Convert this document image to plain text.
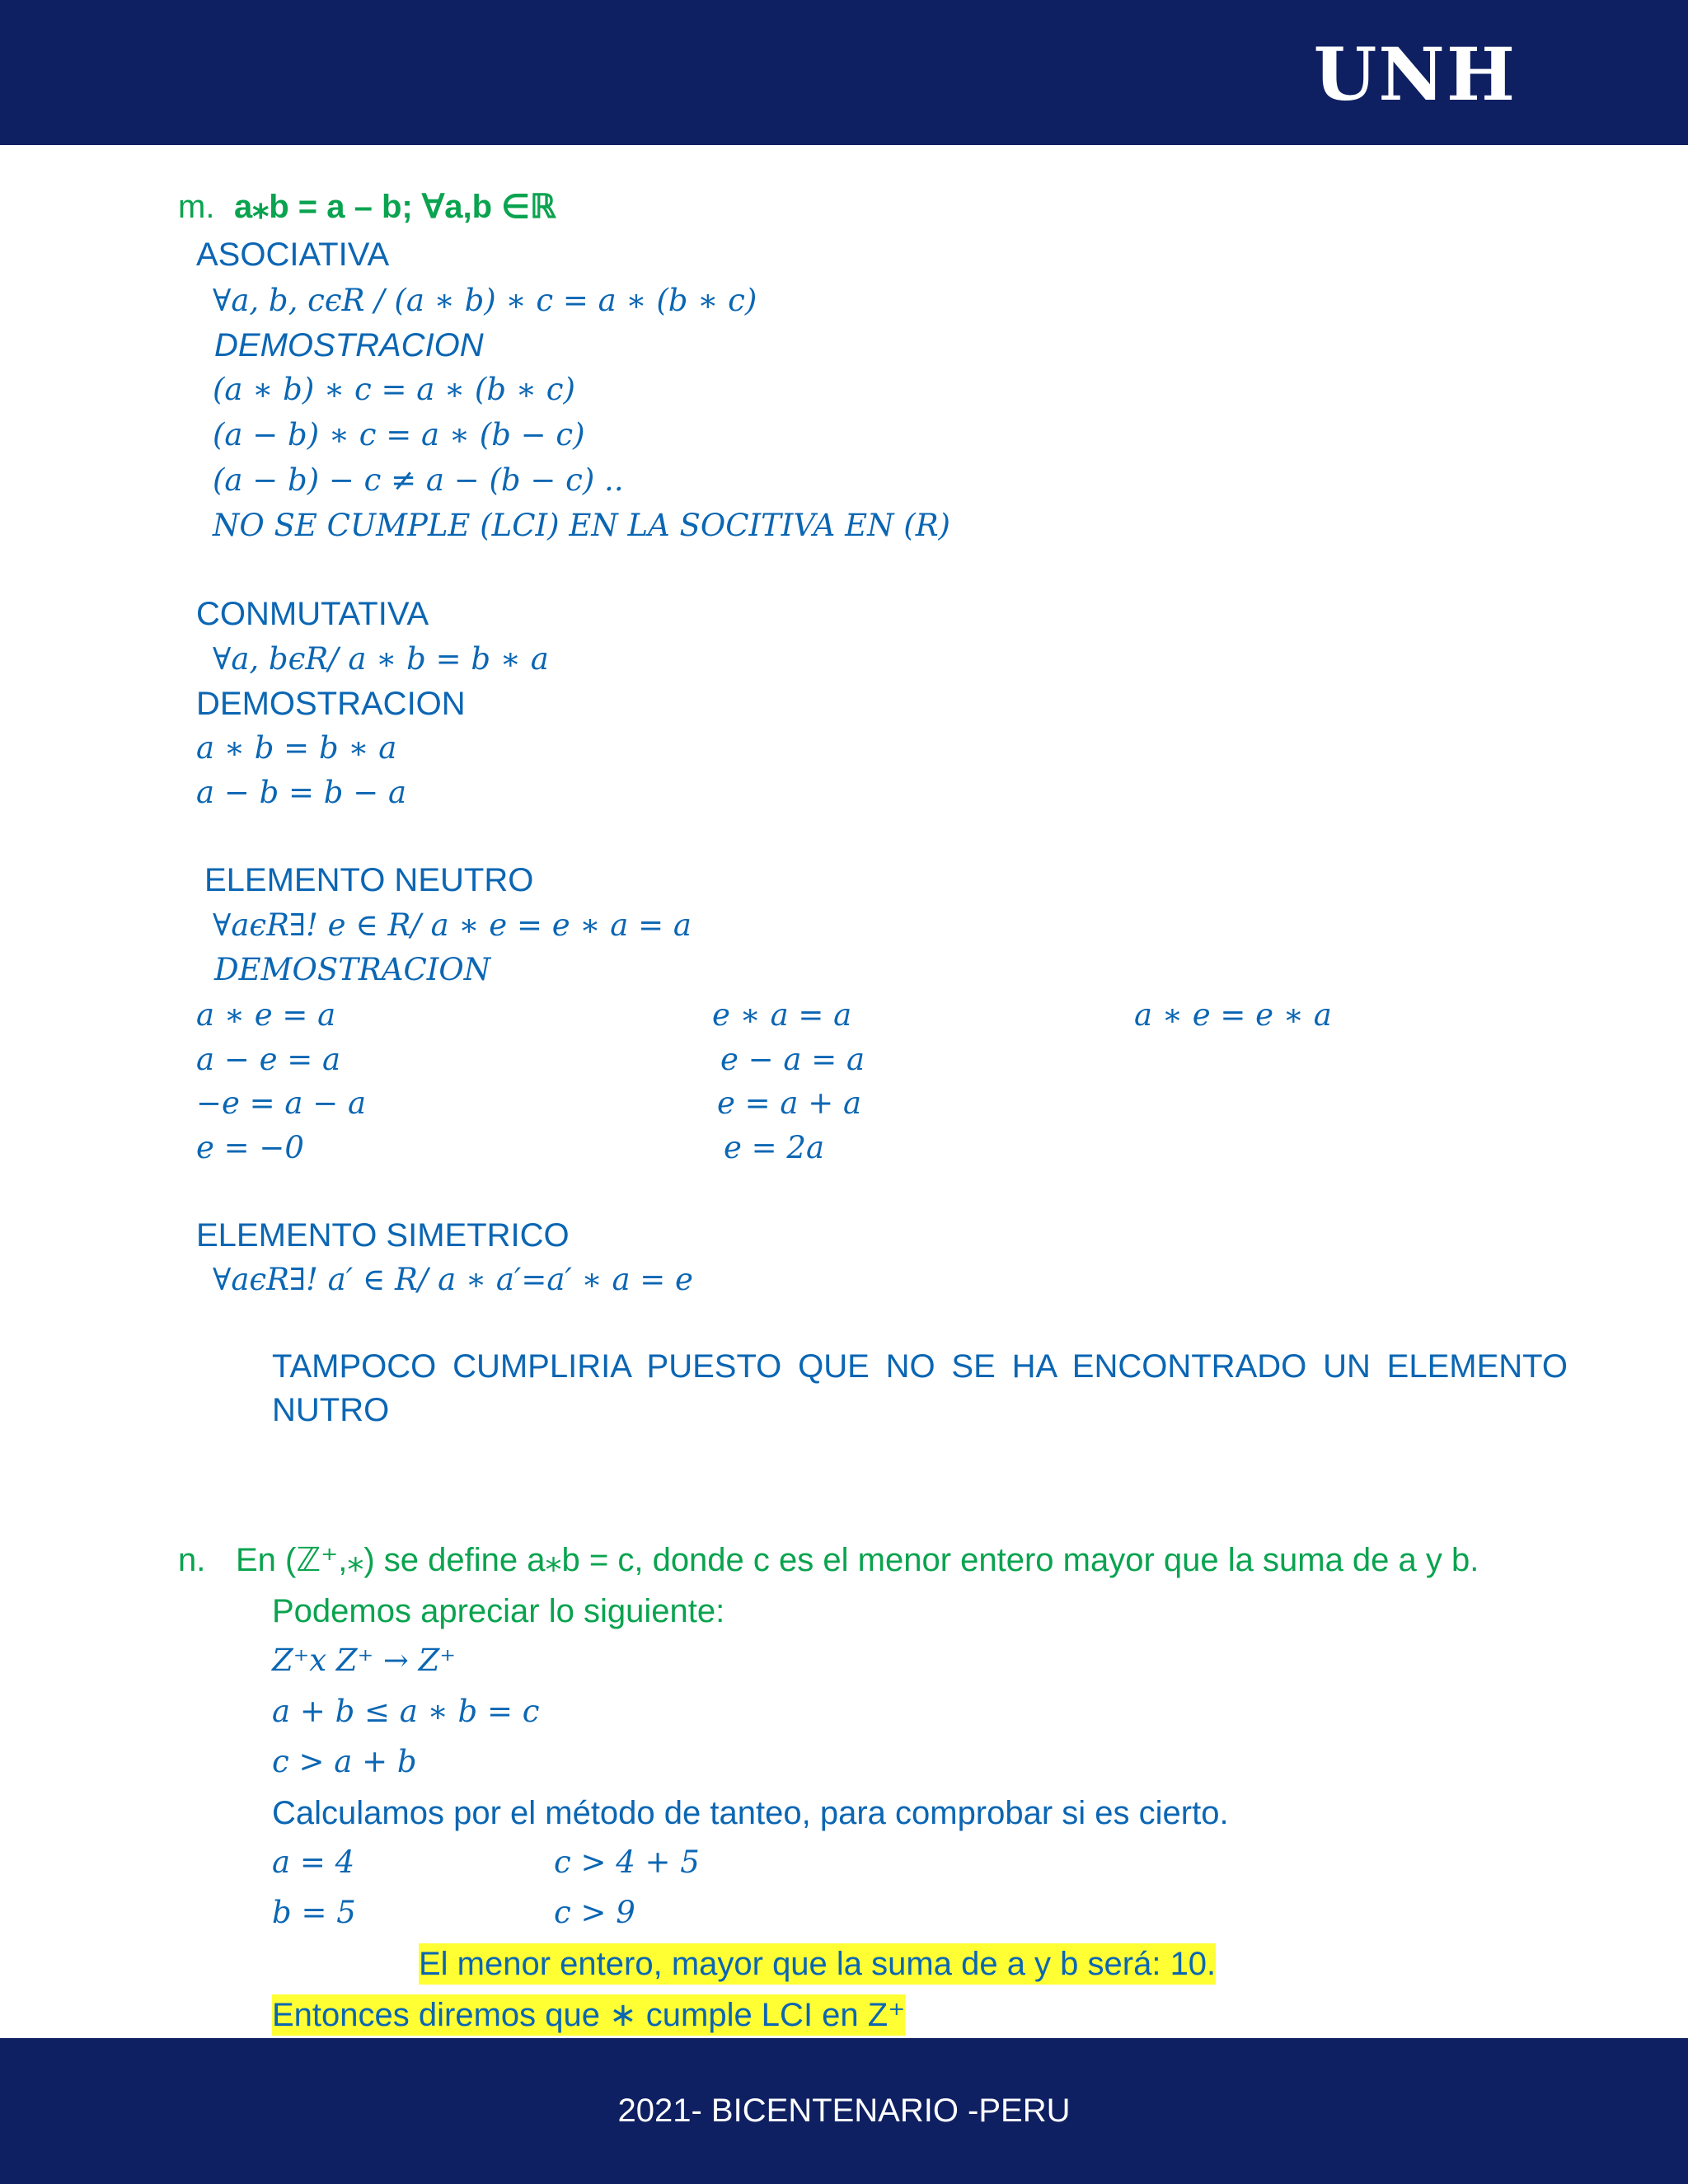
UNH
m. a⁎b = a – b; ∀a,b ∈ℝ
ASOCIATIVA
∀a, b, cϵR / (a ∗ b) ∗ c = a ∗ (b ∗ c)
DEMOSTRACION
(a ∗ b) ∗ c = a ∗ (b ∗ c)
(a − b) ∗ c = a ∗ (b − c)
(a − b) − c ≠ a − (b − c) ..
NO SE CUMPLE (LCI) EN LA SOCITIVA EN (R)
CONMUTATIVA
∀a, bϵR/ a ∗ b = b ∗ a
DEMOSTRACION
a ∗ b = b ∗ a
a − b = b − a
ELEMENTO NEUTRO
∀aϵR∃! e ∈ R/ a ∗ e = e ∗ a = a
DEMOSTRACION
a ∗ e = a
a − e = a
−e = a − a
e = −0
e ∗ a = a
e − a = a
e = a + a
e = 2a
a ∗ e = e ∗ a
ELEMENTO SIMETRICO
∀aϵR∃! a′ ∈ R/ a ∗ a′=a′ ∗ a = e
TAMPOCO CUMPLIRIA PUESTO QUE NO SE HA ENCONTRADO UN ELEMENTO NUTRO
n. En (ℤ⁺,⁎) se define a⁎b = c, donde c es el menor entero mayor que la suma de a y b.
Podemos apreciar lo siguiente:
Z⁺x Z⁺ → Z⁺
a + b ≤ a ∗ b = c
c > a + b
Calculamos por el método de tanteo, para comprobar si es cierto.
a = 4
b = 5
c > 4 + 5
c > 9
El menor entero, mayor que la suma de a y b será: 10.
Entonces diremos que ∗ cumple LCI en Z⁺
2021- BICENTENARIO -PERU
